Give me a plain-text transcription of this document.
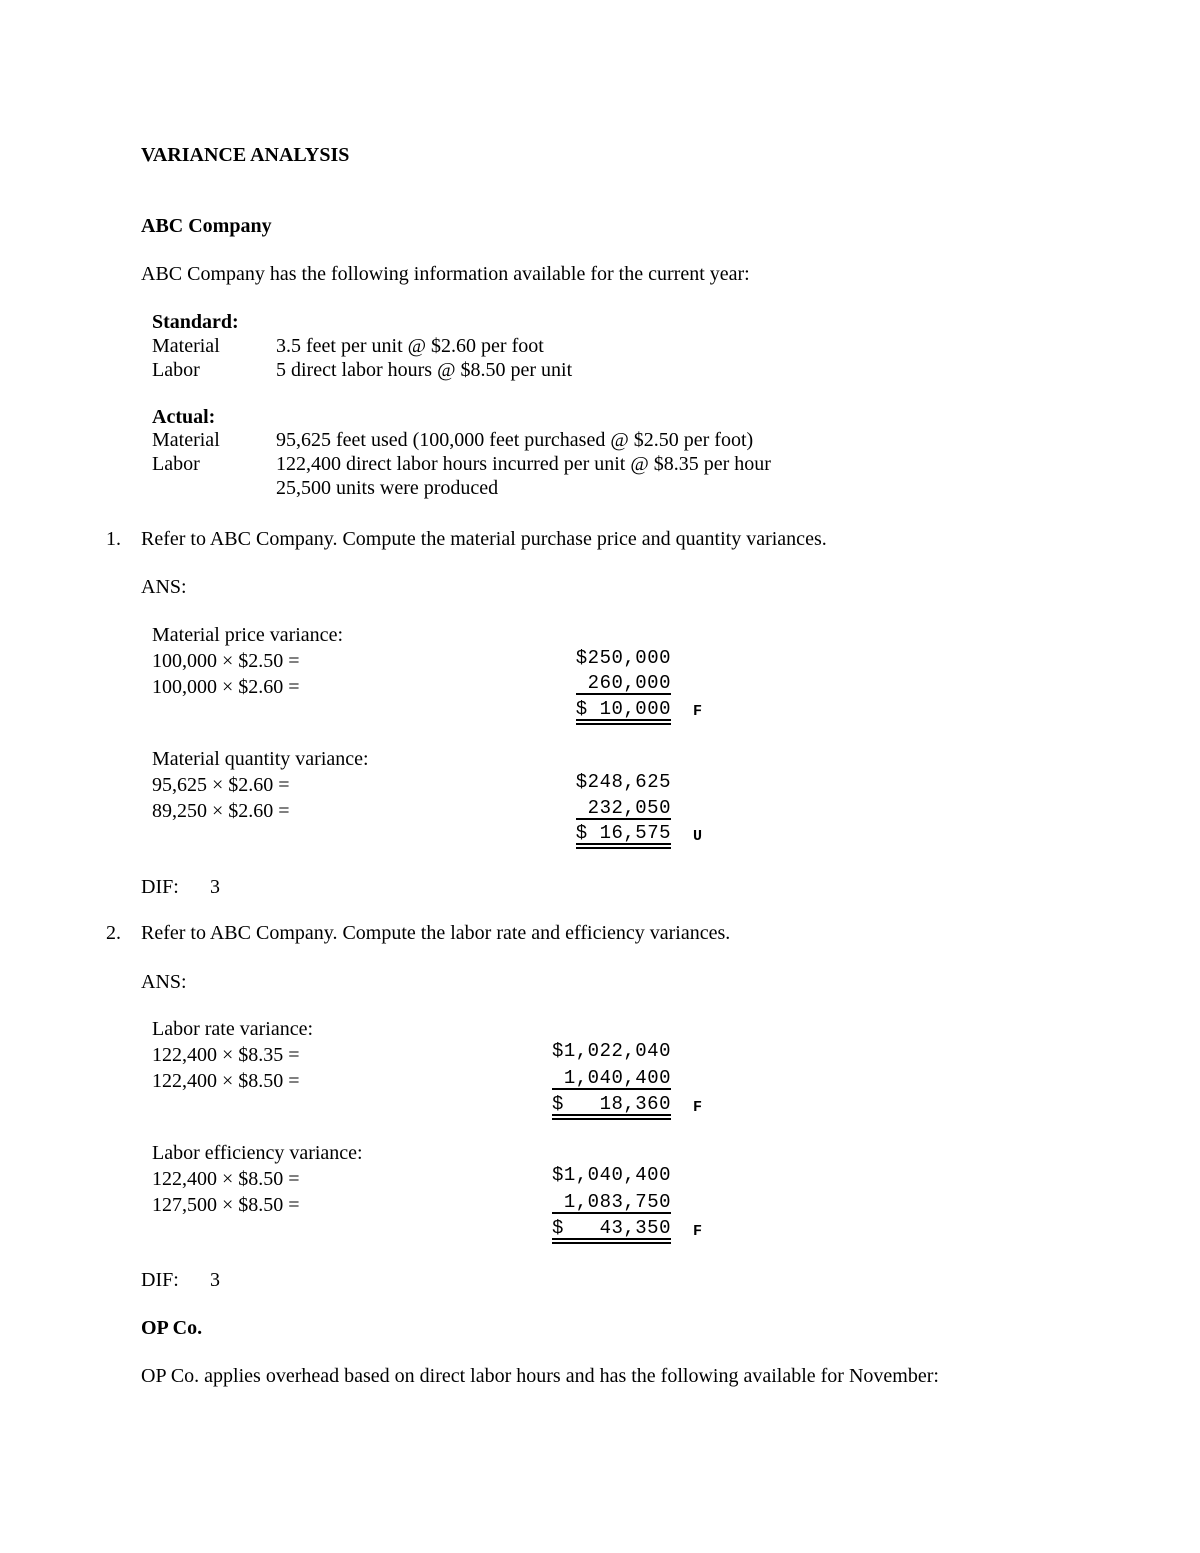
VARIANCE ANALYSIS
ABC Company
ABC Company has the following information available for the current year:
Standard:
Material	3.5 feet per unit @ $2.60 per foot
Labor	5 direct labor hours @ $8.50 per unit
Actual:
Material	95,625 feet used (100,000 feet purchased @ $2.50 per foot)
Labor	122,400 direct labor hours incurred per unit @ $8.35 per hour
25,500 units were produced
1. Refer to ABC Company. Compute the material purchase price and quantity variances.
ANS:
Material price variance:
100,000 × $2.50 =	$250,000
100,000 × $2.60 =	260,000
$ 10,000 F
Material quantity variance:
95,625 × $2.60 =	$248,625
89,250 × $2.60 =	232,050
$ 16,575 U
DIF: 3
2. Refer to ABC Company. Compute the labor rate and efficiency variances.
ANS:
Labor rate variance:
122,400 × $8.35 =	$1,022,040
122,400 × $8.50 =	1,040,400
$   18,360 F
Labor efficiency variance:
122,400 × $8.50 =	$1,040,400
127,500 × $8.50 =	1,083,750
$   43,350 F
DIF: 3
OP Co.
OP Co. applies overhead based on direct labor hours and has the following available for November:
